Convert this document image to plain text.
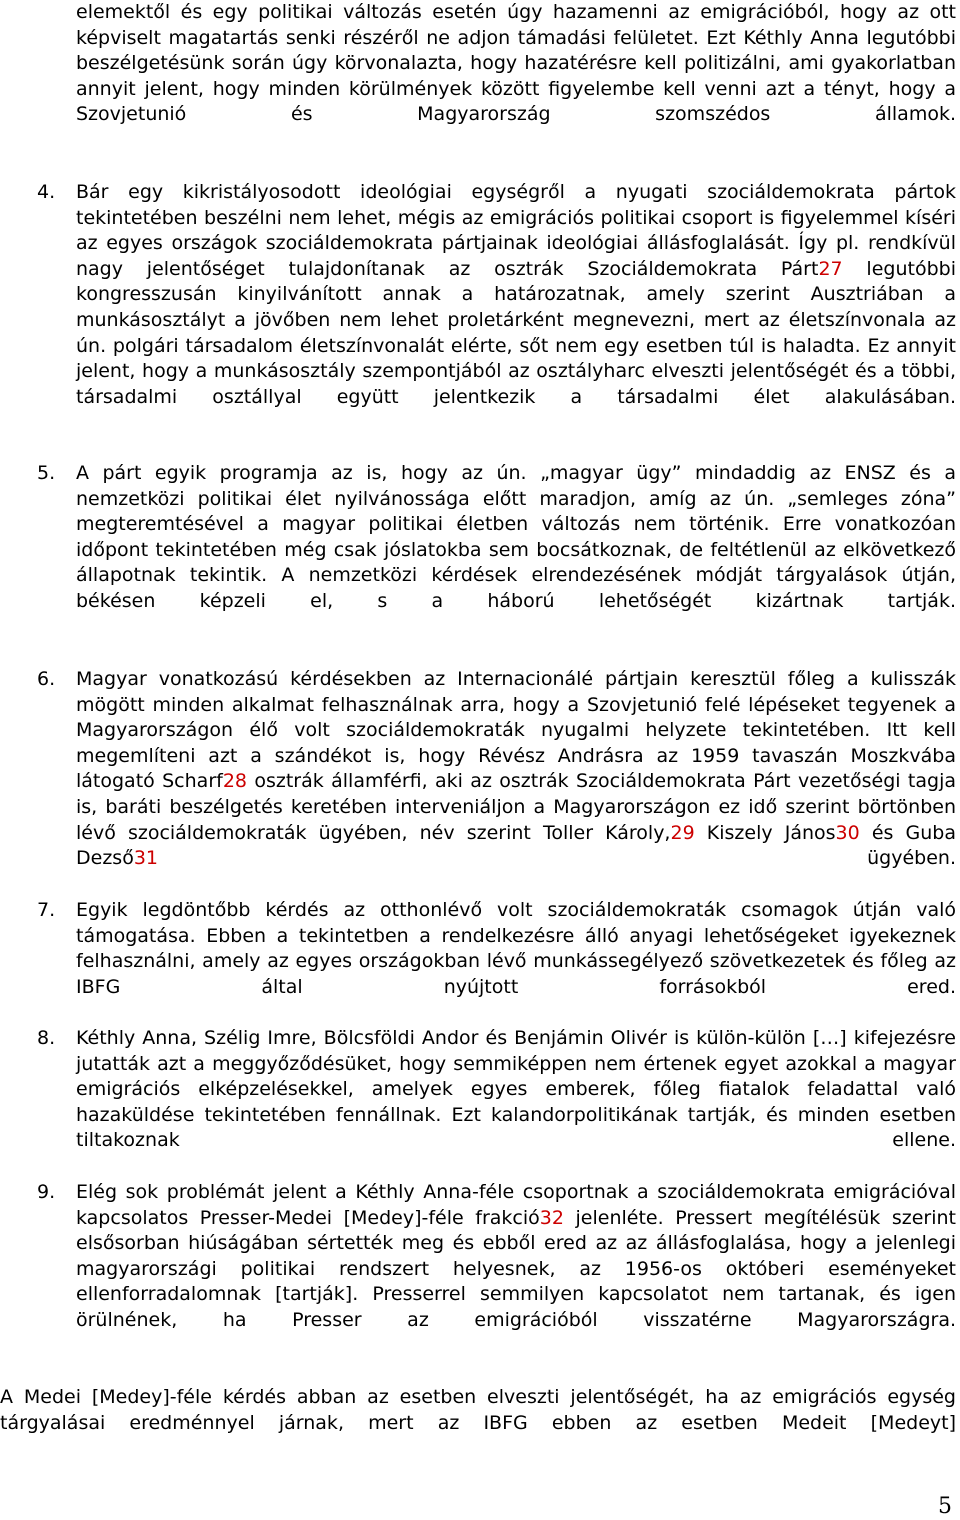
elemektől és egy politikai változás esetén úgy hazamenni az emigrációból, hogy az ott képviselt magatartás senki részéről ne adjon támadási felületet. Ezt Kéthly Anna legutóbbi beszélgetésünk során úgy körvonalazta, hogy hazatérésre kell politizálni, ami gyakorlatban annyit jelent, hogy minden körülmények között figyelembe kell venni azt a tényt, hogy a Szovjetunió és Magyarország szomszédos államok.
4. Bár egy kikristályosodott ideológiai egységről a nyugati szociáldemokrata pártok tekintetében beszélni nem lehet, mégis az emigrációs politikai csoport is figyelemmel kíséri az egyes országok szociáldemokrata pártjainak ideológiai állásfoglalását. Így pl. rendkívül nagy jelentőséget tulajdonítanak az osztrák Szociáldemokrata Párt27 legutóbbi kongresszusán kinyilvánított annak a határozatnak, amely szerint Ausztriában a munkásosztályt a jövőben nem lehet proletárként megnevezni, mert az életszínvonala az ún. polgári társadalom életszínvonalát elérte, sőt nem egy esetben túl is haladta. Ez annyit jelent, hogy a munkásosztály szempontjából az osztályharc elveszti jelentőségét és a többi, társadalmi osztállyal együtt jelentkezik a társadalmi élet alakulásában.
5. A párt egyik programja az is, hogy az ún. „magyar ügy” mindaddig az ENSZ és a nemzetközi politikai élet nyilvánossága előtt maradjon, amíg az ún. „semleges zóna” megteremtésével a magyar politikai életben változás nem történik. Erre vonatkozóan időpont tekintetében még csak jóslatokba sem bocsátkoznak, de feltétlenül az elkövetkező állapotnak tekintik. A nemzetközi kérdések elrendezésének módját tárgyalások útján, békésen képzeli el, s a háború lehetőségét kizártnak tartják.
6. Magyar vonatkozású kérdésekben az Internacionálé pártjain keresztül főleg a kulisszák mögött minden alkalmat felhasználnak arra, hogy a Szovjetunió felé lépéseket tegyenek a Magyarországon élő volt szociáldemokraták nyugalmi helyzete tekintetében. Itt kell megemlíteni azt a szándékot is, hogy Révész Andrásra az 1959 tavaszán Moszkvába látogató Scharf28 osztrák államférfi, aki az osztrák Szociáldemokrata Párt vezetőségi tagja is, baráti beszélgetés keretében interveniáljon a Magyarországon ez idő szerint börtönben lévő szociáldemokraták ügyében, név szerint Toller Károly,29 Kiszely János30 és Guba Dezső31 ügyében.
7. Egyik legdöntőbb kérdés az otthonlévő volt szociáldemokraták csomagok útján való támogatása. Ebben a tekintetben a rendelkezésre álló anyagi lehetőségeket igyekeznek felhasználni, amely az egyes országokban lévő munkássegélyező szövetkezetek és főleg az IBFG által nyújtott forrásokból ered.
8. Kéthly Anna, Szélig Imre, Bölcsföldi Andor és Benjámin Olivér is külön-külön […] kifejezésre jutatták azt a meggyőződésüket, hogy semmiképpen nem értenek egyet azokkal a magyar emigrációs elképzelésekkel, amelyek egyes emberek, főleg fiatalok feladattal való hazaküldése tekintetében fennállnak. Ezt kalandorpolitikának tartják, és minden esetben tiltakoznak ellene.
9. Elég sok problémát jelent a Kéthly Anna-féle csoportnak a szociáldemokrata emigrációval kapcsolatos Presser-Medei [Medey]-féle frakció32 jelenléte. Pressert megítélésük szerint elsősorban hiúságában sértették meg és ebből ered az az állásfoglalása, hogy a jelenlegi magyarországi politikai rendszert helyesnek, az 1956-os októberi eseményeket ellenforradalomnak [tartják]. Presserrel semmilyen kapcsolatot nem tartanak, és igen örülnének, ha Presser az emigrációból visszatérne Magyarországra.
A Medei [Medey]-féle kérdés abban az esetben elveszti jelentőségét, ha az emigrációs egység tárgyalásai eredménnyel járnak, mert az IBFG ebben az esetben Medeit [Medeyt]
5
